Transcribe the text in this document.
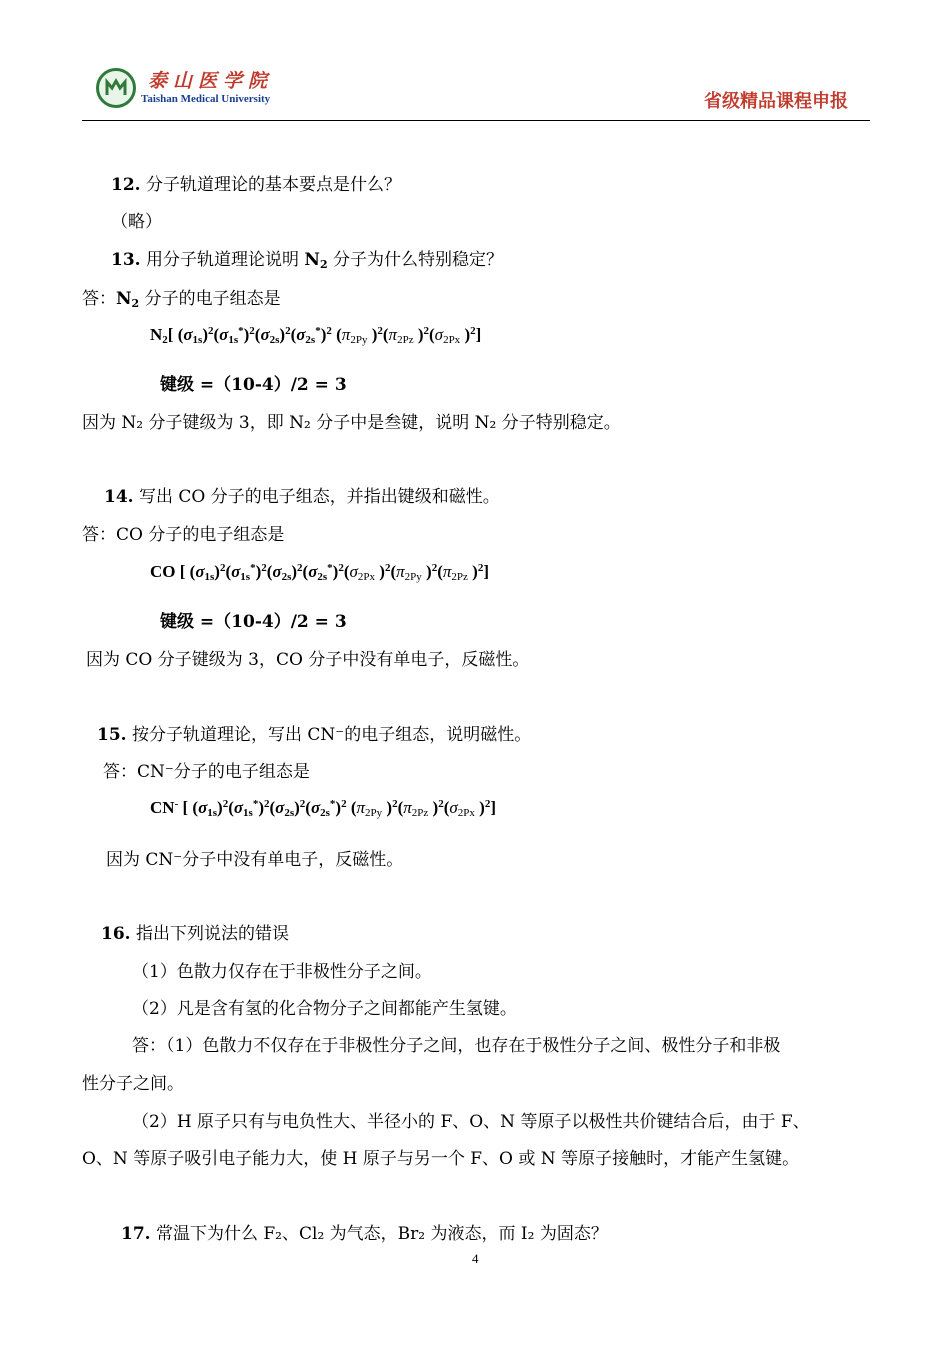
泰山医学院
Taishan Medical University	省级精品课程申报
12. 分子轨道理论的基本要点是什么？
（略）
13. 用分子轨道理论说明 $N_2$ 分子为什么特别稳定？
答：$N_2$ 分子的电子组态是
$N_2$[ $(\sigma_{1s})^2(\sigma_{1s}^*)^2(\sigma_{2s})^2(\sigma_{2s}^*)^2$ ($\pi_{2Py}$ )$^2(\pi_{2Pz}$ )$^2(\sigma_{2Px}$ )$^2$]
键级 =（10-4）/2 = 3
因为 N₂ 分子键级为 3，即 N₂ 分子中是叁键，说明 N₂ 分子特别稳定。
14. 写出 CO 分子的电子组态，并指出键级和磁性。
答：CO 分子的电子组态是
CO [ $(\sigma_{1s})^2(\sigma_{1s}^*)^2(\sigma_{2s})^2(\sigma_{2s}^*)^2(\sigma_{2Px}$ )$^2(\pi_{2Py}$ )$^2(\pi_{2Pz}$ )$^2$]
键级 =（10-4）/2 = 3
因为 CO 分子键级为 3，CO 分子中没有单电子，反磁性。
15. 按分子轨道理论，写出 CN⁻的电子组态，说明磁性。
答：CN⁻分子的电子组态是
CN- [ $(\sigma_{1s})^2(\sigma_{1s}^*)^2(\sigma_{2s})^2(\sigma_{2s}^*)^2$ ($\pi_{2Py}$ )$^2(\pi_{2Pz}$ )$^2(\sigma_{2Px}$ )$^2$]
因为 CN⁻分子中没有单电子，反磁性。
16. 指出下列说法的错误
（1）色散力仅存在于非极性分子之间。
（2）凡是含有氢的化合物分子之间都能产生氢键。
答：（1）色散力不仅存在于非极性分子之间，也存在于极性分子之间、极性分子和非极
性分子之间。
（2）H 原子只有与电负性大、半径小的 F、O、N 等原子以极性共价键结合后，由于 F、
O、N 等原子吸引电子能力大，使 H 原子与另一个 F、O 或 N 等原子接触时，才能产生氢键。
17. 常温下为什么 F₂、Cl₂ 为气态，Br₂ 为液态，而 I₂ 为固态？
4
